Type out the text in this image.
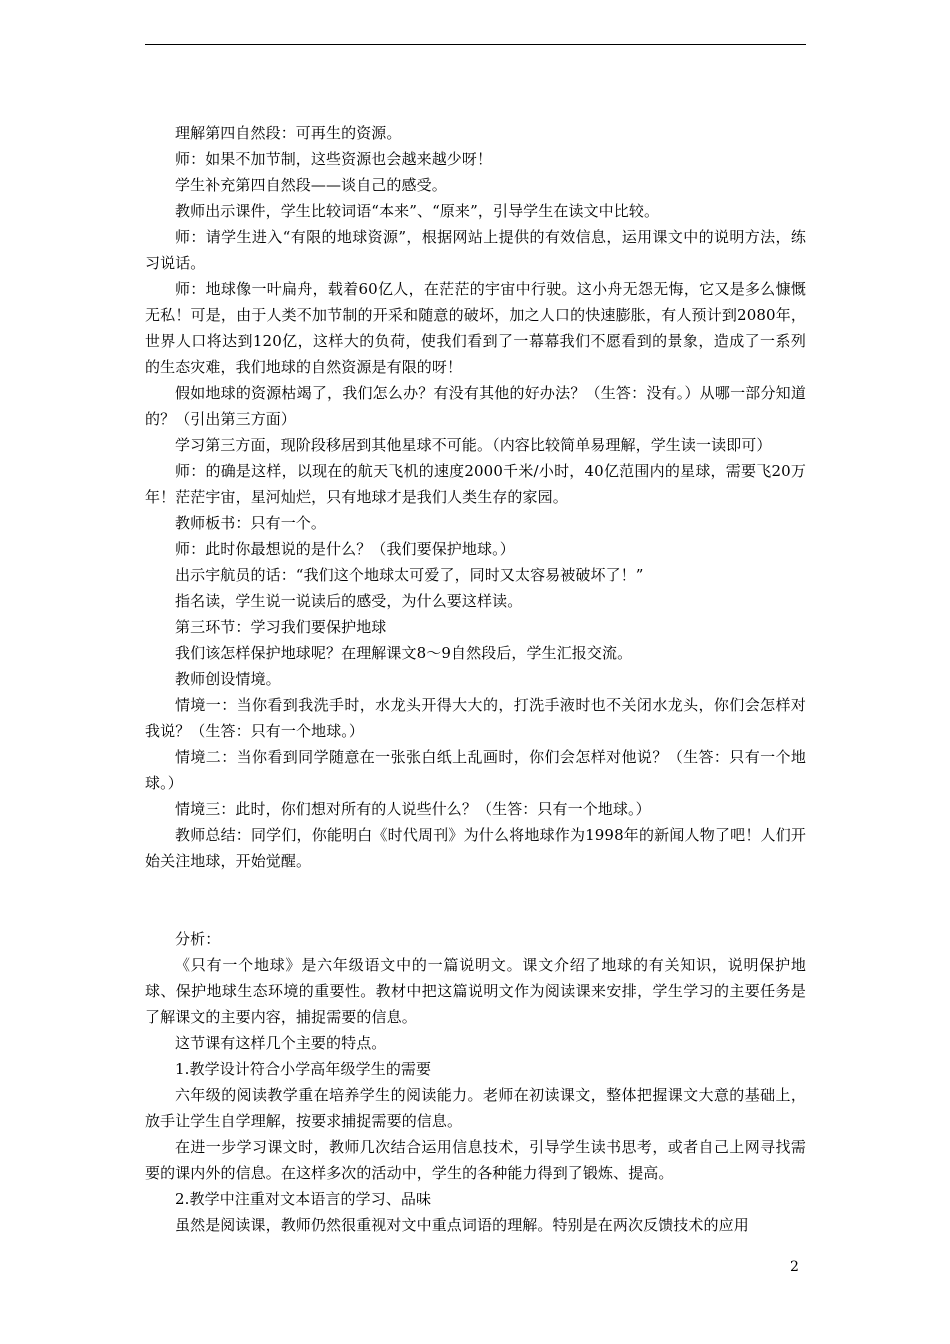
理解第四自然段：可再生的资源。

师：如果不加节制，这些资源也会越来越少呀！

学生补充第四自然段——谈自己的感受。

教师出示课件，学生比较词语“本来”、“原来”，引导学生在读文中比较。

师：请学生进入“有限的地球资源”，根据网站上提供的有效信息，运用课文中的说明方法，练习说话。

师：地球像一叶扁舟，载着60亿人，在茫茫的宇宙中行驶。这小舟无怨无悔，它又是多么慷慨无私！可是，由于人类不加节制的开采和随意的破坏，加之人口的快速膨胀，有人预计到2080年，世界人口将达到120亿，这样大的负荷，使我们看到了一幕幕我们不愿看到的景象，造成了一系列的生态灾难，我们地球的自然资源是有限的呀！

假如地球的资源枯竭了，我们怎么办？有没有其他的好办法？（生答：没有。）从哪一部分知道的？（引出第三方面）

学习第三方面，现阶段移居到其他星球不可能。（内容比较简单易理解，学生读一读即可）

师：的确是这样，以现在的航天飞机的速度2000千米/小时，40亿范围内的星球，需要飞20万年！茫茫宇宙，星河灿烂，只有地球才是我们人类生存的家园。

教师板书：只有一个。

师：此时你最想说的是什么？（我们要保护地球。）

出示宇航员的话：“我们这个地球太可爱了，同时又太容易被破坏了！”

指名读，学生说一说读后的感受，为什么要这样读。

第三环节：学习我们要保护地球

我们该怎样保护地球呢？在理解课文8～9自然段后，学生汇报交流。

教师创设情境。

情境一：当你看到我洗手时，水龙头开得大大的，打洗手液时也不关闭水龙头，你们会怎样对我说？（生答：只有一个地球。）

情境二：当你看到同学随意在一张张白纸上乱画时，你们会怎样对他说？（生答：只有一个地球。）

情境三：此时，你们想对所有的人说些什么？（生答：只有一个地球。）

教师总结：同学们，你能明白《时代周刊》为什么将地球作为1998年的新闻人物了吧！人们开始关注地球，开始觉醒。

分析：

《只有一个地球》是六年级语文中的一篇说明文。课文介绍了地球的有关知识，说明保护地球、保护地球生态环境的重要性。教材中把这篇说明文作为阅读课来安排，学生学习的主要任务是了解课文的主要内容，捕捉需要的信息。

这节课有这样几个主要的特点。

1.教学设计符合小学高年级学生的需要

六年级的阅读教学重在培养学生的阅读能力。老师在初读课文，整体把握课文大意的基础上，放手让学生自学理解，按要求捕捉需要的信息。

在进一步学习课文时，教师几次结合运用信息技术，引导学生读书思考，或者自己上网寻找需要的课内外的信息。在这样多次的活动中，学生的各种能力得到了锻炼、提高。

2.教学中注重对文本语言的学习、品味

虽然是阅读课，教师仍然很重视对文中重点词语的理解。特别是在两次反馈技术的应用

2
